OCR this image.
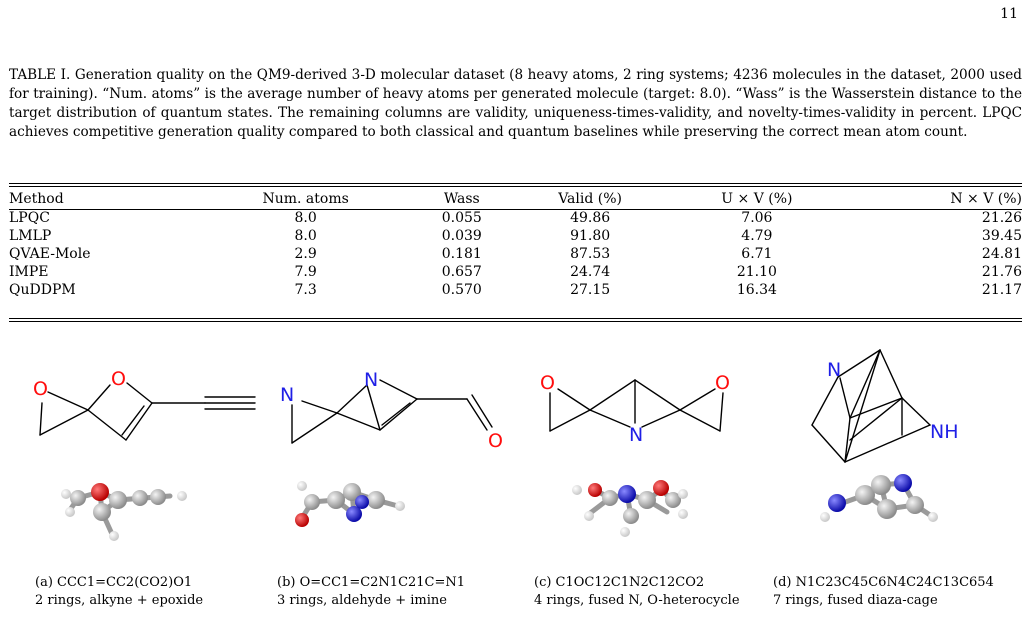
11

TABLE I. Generation quality on the QM9-derived 3-D molecular dataset (8 heavy atoms, 2 ring systems; 4236 molecules in the dataset, 2000 used for training). “Num. atoms” is the average number of heavy atoms per generated molecule (target: 8.0). “Wass” is the Wasserstein distance to the target distribution of quantum states. The remaining columns are validity, uniqueness-times-validity, and novelty-times-validity in percent. LPQC achieves competitive generation quality compared to both classical and quantum baselines while preserving the correct mean atom count.

Method	Num. atoms	Wass	Valid (%)	U × V (%)	N × V (%)
LPQC	8.0	0.055	49.86	7.06	21.26
LMLP	8.0	0.039	91.80	4.79	39.45
QVAE-Mole	2.9	0.181	87.53	6.71	24.81
IMPE	7.9	0.657	24.74	21.10	21.76
QuDDPM	7.3	0.570	27.15	16.34	21.17
O	O
N
N
O
O
N
O
N
NH
(a) CCC1=CC2(CO2)O1
2 rings, alkyne + epoxide
(b) O=CC1=C2N1C21C=N1
3 rings, aldehyde + imine
(c) C1OC12C1N2C12CO2
4 rings, fused N, O-heterocycle
(d) N1C23C45C6N4C24C13C654
7 rings, fused diaza-cage
